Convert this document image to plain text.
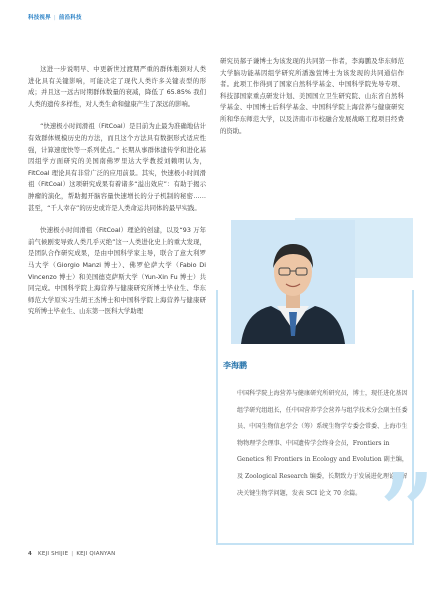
科技视界 | 前沿科技

这进一步说明早、中更新世过渡期严重的群体瓶颈对人类进化具有关键影响，可能决定了现代人类许多关键表型的形成；并且这一远古时期群体数量的衰减，降低了 65.85% 我们人类的遗传多样性，对人类生命和健康产生了深远的影响。

“快速极小时间滑祖（FitCoal）是目前为止最为准确地估计有效群体规模历史的方法，而且这个方法具有数据形式适应性强，计算速度快等一系列优点。” 长期从事群体遗传学和进化基因组学方面研究的美国南佛罗里达大学教授刘赖明认为，FitCoal 理论具有非常广泛的应用前景。其实，快速极小时间滑祖（FitCoal）这项研究成果有着诸多“溢出效应”：有助于揭示肿瘤的演化，帮助揭开脑容量快速增长的分子机制的秘密……甚至，“千人幸存”的历史或许是人类命运共同体的最早实践。

快速极小时间滑祖（FitCoal）理论的创建，以及“93 万年前气候剧变导致人类几乎灭绝”这一人类进化史上的重大发现，是团队合作研究成果，是由中国科学家主导，联合了意大利罗马大学（Giorgio Manzi 博士）、佛罗伦萨大学（Fabio Di Vincenzo 博士）和美国德克萨斯大学（Yun-Xin Fu 博士）共同完成。中国科学院上海营养与健康研究所博士毕业生、华东师范大学原实习生胡王杰博士和中国科学院上海营养与健康研究所博士毕业生、山东第一医科大学助理

研究员郝子谦博士为该发现的共同第一作者，李海鹏及华东师范大学脑功能基因组学研究所潘逸萱博士为该发现的共同通信作者。此项工作得到了国家自然科学基金、中国科学院先导专项、科技部国家重点研发计划、美国国立卫生研究院、山东省自然科学基金、中国博士后科学基金、中国科学院上海营养与健康研究所和华东师范大学，以及济南市市校融合发展战略工程项目经费的资助。

李海鹏
中国科学院上海营养与健康研究所研究员，博士，现任进化基因组学研究组组长，任中国营养学会营养与组学技术分会副主任委员、中国生物信息学会（筹）系统生物学专委会常委、上海市生物物理学会理事、中国遗传学会终身会员，Frontiers in Genetics 和 Frontiers in Ecology and Evolution 副主编，及 Zoological Research 编委，长期致力于发展进化理论，解决关键生物学问题，发表 SCI 论文 70 余篇。 ”
4 KEJI SHIJIE | KEJI QIANYAN
